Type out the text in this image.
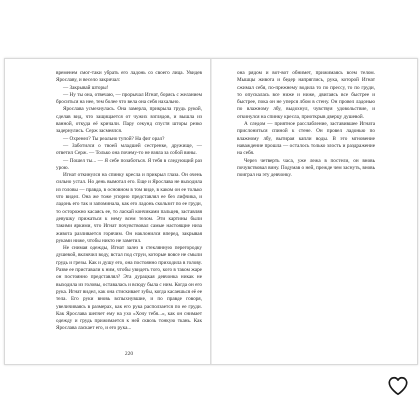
временем смог-таки убрать его ладонь со своего лица. Увидев Ярославу, и весело закричал:

— Закрывай шторы!

— Ну ты она, отвечаю, — прорычал Игнат, борясь с желанием броситься на нее, тем более что вела она себя нахально.

Ярослава усмехнулась. Она замерла, прикрыла грудь рукой, сделав вид, что защищается от чужих взглядов, и вышла из ванной, откуда её кричали. Пару секунд спустя шторы резко задернулись. Серж засмеялся.

— Охренел? Ты реально тупой? На фиг орал?

— Заботился о твоей младшей сестренке, дружище, — ответил Серж. — Только она почему-то не взяла за собой вины.

— Пошел ты... — Я себе позаботься. Я тебя в следующий раз урою.

Игнат откинулся на спинку кресла и прикрыл глаза. Он очень сильно устал. Но день вымотал его. Еще и Ярослава не выходила из головы — правда, в основном в том виде, в каком он ее только что видел. Она же тоже упорно представлял ее без лифчика, и ладонь его так и запоминала, как его ладонь скользит по ее груди, то осторожно касаясь ее, то ласкай кончиками пальцев, заставляя девушку прижаться к нему всем телом. Эти картины были такими яркими, что Игнат почувствовал самые настоящие низа живота разливается горячим. Он наклонился вперед, закрывая руками ниже, чтобы никто не заметил.

Не снимая одежды, Игнат залез в стеклянную перегородку душевой, включил воду, встал под струи, которые вовсе не смыли грудь и грезы. Как и душу его, она постоянно приходила в голову. Разве ее приставали к ним, чтобы увидеть того, кого в таком жаре он постоянно представлял? Эта дурацкая девчонка никак не выходила из головы, оставалась и всюду была с ним. Когда он его рука. Игнат видел, как она стискивает зубы, когда касаешься её ее тела. Его руки вновь вспыхнувшие, и по правде говоря, увеличиваясь в размерах, как его рука расползается по ее груди. Как Ярослава шепчет ему на ухо «Хочу тебя...», как он снимает одежду и грудь прижимается к ней сквозь тонкую ткань. Как Ярослава ласкает его, и его рука...

220

она рядом и вот-вот обнимет, прижимаясь всем телом. Мышцы живота и бедер напряглись, рука, которой Игнат сжимал себя, по-прежнему водила то по прессу, то по груди, то опускалась все ниже и ниже, двигаясь все быстрее и быстрее, пока он не уперся лбом в стену. Он провел ладонью по влажному лбу, выдохнул, чувствуя удовольствие, и откинулся на спинку кресла, приоткрыв дверцу душевой.

А следом — приятное расслабление, заставившее Игната прислониться спиной к стене. Он провел ладонью по влажному лбу, вытирая капли воды. В это мгновение наваждение прошла — осталось только злость и раздражение на себя.

Через четверть часа, уже лежа в постели, он вновь почувствовал вину. Подумав о ней, прежде чем заснуть, вновь поиграл на эту девчонку.
